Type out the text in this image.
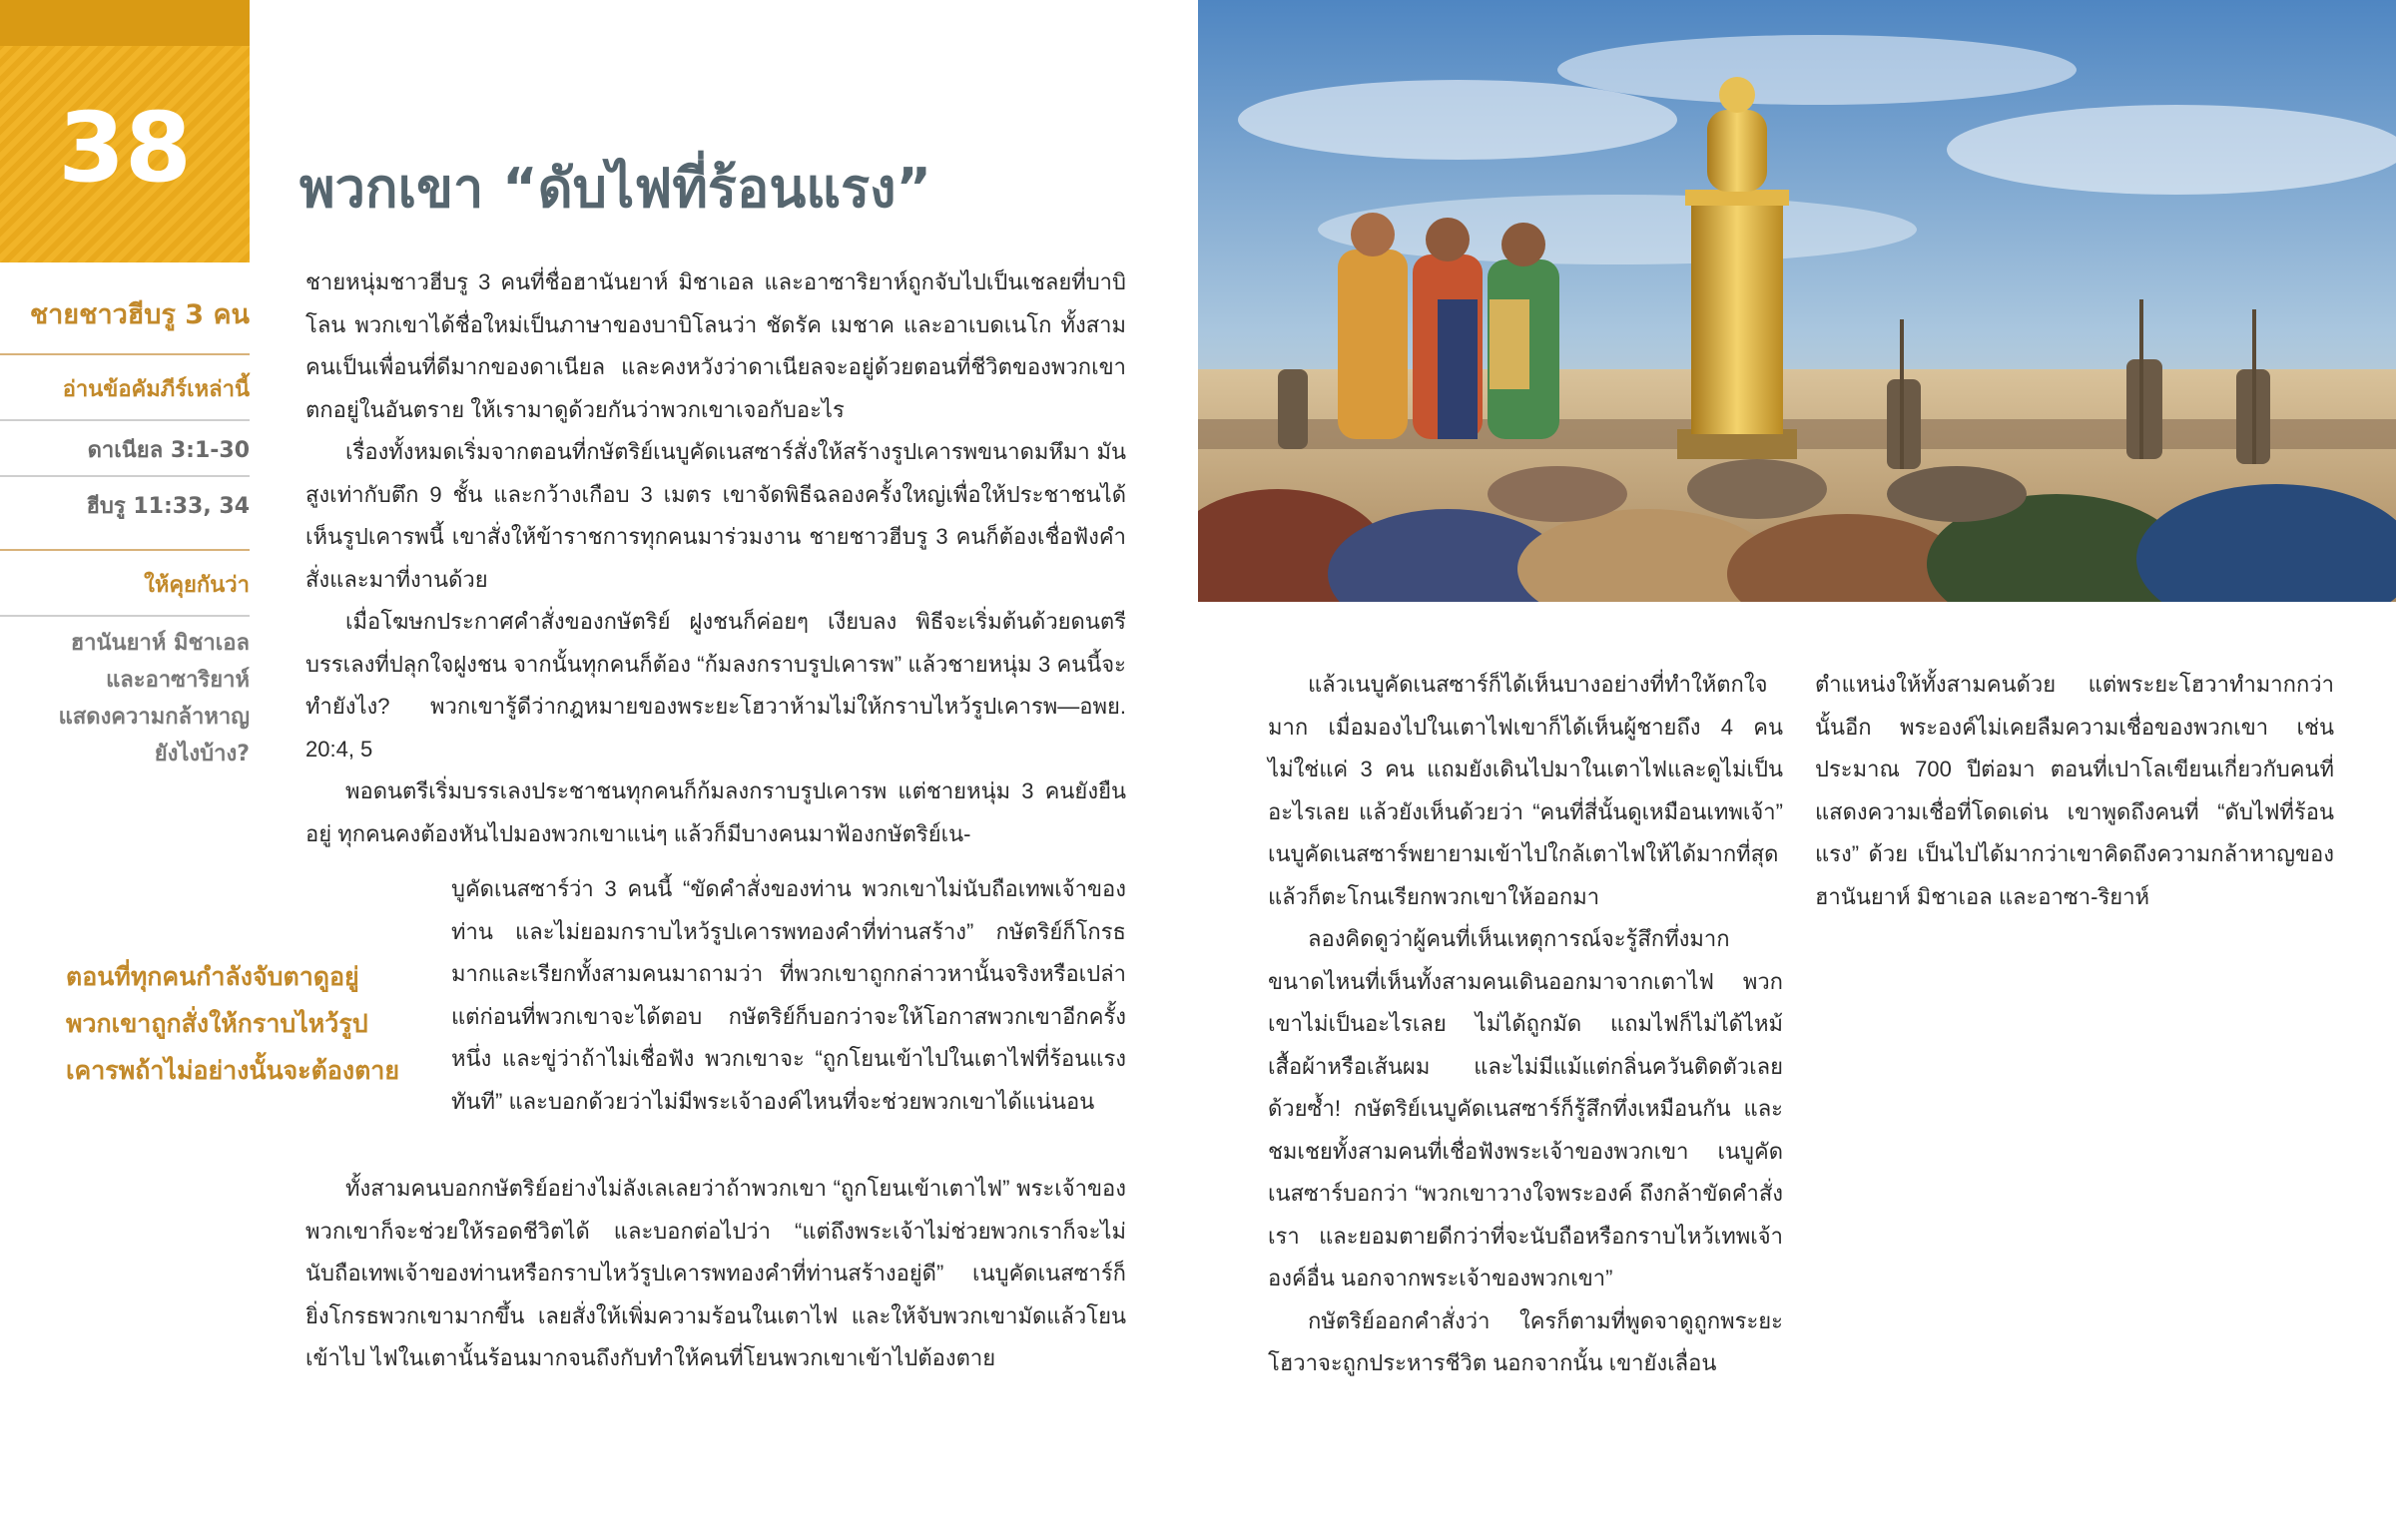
38
ชายชาวฮีบรู 3 คน
อ่านข้อคัมภีร์เหล่านี้
ดาเนียล 3:1-30
ฮีบรู 11:33, 34
ให้คุยกันว่า
ฮานันยาห์ มิชาเอล
และอาซาริยาห์
แสดงความกล้าหาญ
ยังไงบ้าง?
พวกเขา “ดับไฟที่ร้อนแรง”

ชายหนุ่มชาวฮีบรู 3 คนที่ชื่อฮานันยาห์ มิชาเอล และอาซาริยาห์ถูกจับไปเป็นเชลยที่บาบิโลน พวกเขาได้ชื่อใหม่เป็นภาษาของบาบิโลนว่า ชัดรัค เมชาค และอาเบดเนโก ทั้งสามคนเป็นเพื่อนที่ดีมากของดาเนียล และคงหวังว่าดาเนียลจะอยู่ด้วยตอนที่ชีวิตของพวกเขาตกอยู่ในอันตราย ให้เรามาดูด้วยกันว่าพวกเขาเจอกับอะไร

เรื่องทั้งหมดเริ่มจากตอนที่กษัตริย์เนบูคัดเนสซาร์สั่งให้สร้างรูปเคารพขนาดมหึมา มันสูงเท่ากับตึก 9 ชั้น และกว้างเกือบ 3 เมตร เขาจัดพิธีฉลองครั้งใหญ่เพื่อให้ประชาชนได้เห็นรูปเคารพนี้ เขาสั่งให้ข้าราชการทุกคนมาร่วมงาน ชายชาวฮีบรู 3 คนก็ต้องเชื่อฟังคำสั่งและมาที่งานด้วย

เมื่อโฆษกประกาศคำสั่งของกษัตริย์ ฝูงชนก็ค่อยๆ เงียบลง พิธีจะเริ่มต้นด้วยดนตรีบรรเลงที่ปลุกใจฝูงชน จากนั้นทุกคนก็ต้อง “ก้มลงกราบรูปเคารพ” แล้วชายหนุ่ม 3 คนนี้จะทำยังไง? พวกเขารู้ดีว่ากฎหมายของพระยะโฮวาห้ามไม่ให้กราบไหว้รูปเคารพ—อพย. 20:4, 5

พอดนตรีเริ่มบรรเลงประชาชนทุกคนก็ก้มลงกราบรูปเคารพ แต่ชายหนุ่ม 3 คนยังยืนอยู่ ทุกคนคงต้องหันไปมองพวกเขาแน่ๆ แล้วก็มีบางคนมาฟ้องกษัตริย์เน-

บูคัดเนสซาร์ว่า 3 คนนี้ “ขัดคำสั่งของท่าน พวกเขาไม่นับถือเทพเจ้าของท่าน และไม่ยอมกราบไหว้รูปเคารพทองคำที่ท่านสร้าง” กษัตริย์ก็โกรธมากและเรียกทั้งสามคนมาถามว่า ที่พวกเขาถูกกล่าวหานั้นจริงหรือเปล่า แต่ก่อนที่พวกเขาจะได้ตอบ กษัตริย์ก็บอกว่าจะให้โอกาสพวกเขาอีกครั้งหนึ่ง และขู่ว่าถ้าไม่เชื่อฟัง พวกเขาจะ “ถูกโยนเข้าไปในเตาไฟที่ร้อนแรงทันที” และบอกด้วยว่าไม่มีพระเจ้าองค์ไหนที่จะช่วยพวกเขาได้แน่นอน

ทั้งสามคนบอกกษัตริย์อย่างไม่ลังเลเลยว่าถ้าพวกเขา “ถูกโยนเข้าเตาไฟ” พระเจ้าของพวกเขาก็จะช่วยให้รอดชีวิตได้ และบอกต่อไปว่า “แต่ถึงพระเจ้าไม่ช่วยพวกเราก็จะไม่นับถือเทพเจ้าของท่านหรือกราบไหว้รูปเคารพทองคำที่ท่านสร้างอยู่ดี” เนบูคัดเนสซาร์ก็ยิ่งโกรธพวกเขามากขึ้น เลยสั่งให้เพิ่มความร้อนในเตาไฟ และให้จับพวกเขามัดแล้วโยนเข้าไป ไฟในเตานั้นร้อนมากจนถึงกับทำให้คนที่โยนพวกเขาเข้าไปต้องตาย

ตอนที่ทุกคนกำลังจับตาดูอยู่ พวกเขาถูกสั่งให้กราบไหว้รูปเคารพถ้าไม่อย่างนั้นจะต้องตาย

แล้วเนบูคัดเนสซาร์ก็ได้เห็นบางอย่างที่ทำให้ตกใจมาก เมื่อมองไปในเตาไฟเขาก็ได้เห็นผู้ชายถึง 4 คนไม่ใช่แค่ 3 คน แถมยังเดินไปมาในเตาไฟและดูไม่เป็นอะไรเลย แล้วยังเห็นด้วยว่า “คนที่สี่นั้นดูเหมือนเทพเจ้า” เนบูคัดเนสซาร์พยายามเข้าไปใกล้เตาไฟให้ได้มากที่สุดแล้วก็ตะโกนเรียกพวกเขาให้ออกมา

ลองคิดดูว่าผู้คนที่เห็นเหตุการณ์จะรู้สึกทึ่งมากขนาดไหนที่เห็นทั้งสามคนเดินออกมาจากเตาไฟ พวกเขาไม่เป็นอะไรเลย ไม่ได้ถูกมัด แถมไฟก็ไม่ได้ไหม้เสื้อผ้าหรือเส้นผม และไม่มีแม้แต่กลิ่นควันติดตัวเลยด้วยซ้ำ! กษัตริย์เนบูคัดเนสซาร์ก็รู้สึกทึ่งเหมือนกัน และชมเชยทั้งสามคนที่เชื่อฟังพระเจ้าของพวกเขา เนบูคัดเนสซาร์บอกว่า “พวกเขาวางใจพระองค์ ถึงกล้าขัดคำสั่งเรา และยอมตายดีกว่าที่จะนับถือหรือกราบไหว้เทพเจ้าองค์อื่น นอกจากพระเจ้าของพวกเขา”

กษัตริย์ออกคำสั่งว่า ใครก็ตามที่พูดจาดูถูกพระยะโฮวาจะถูกประหารชีวิต นอกจากนั้น เขายังเลื่อน

ตำแหน่งให้ทั้งสามคนด้วย แต่พระยะโฮวาทำมากกว่านั้นอีก พระองค์ไม่เคยลืมความเชื่อของพวกเขา เช่น ประมาณ 700 ปีต่อมา ตอนที่เปาโลเขียนเกี่ยวกับคนที่แสดงความเชื่อที่โดดเด่น เขาพูดถึงคนที่ “ดับไฟที่ร้อนแรง” ด้วย เป็นไปได้มากว่าเขาคิดถึงความกล้าหาญของฮานันยาห์ มิชาเอล และอาซา-ริยาห์
